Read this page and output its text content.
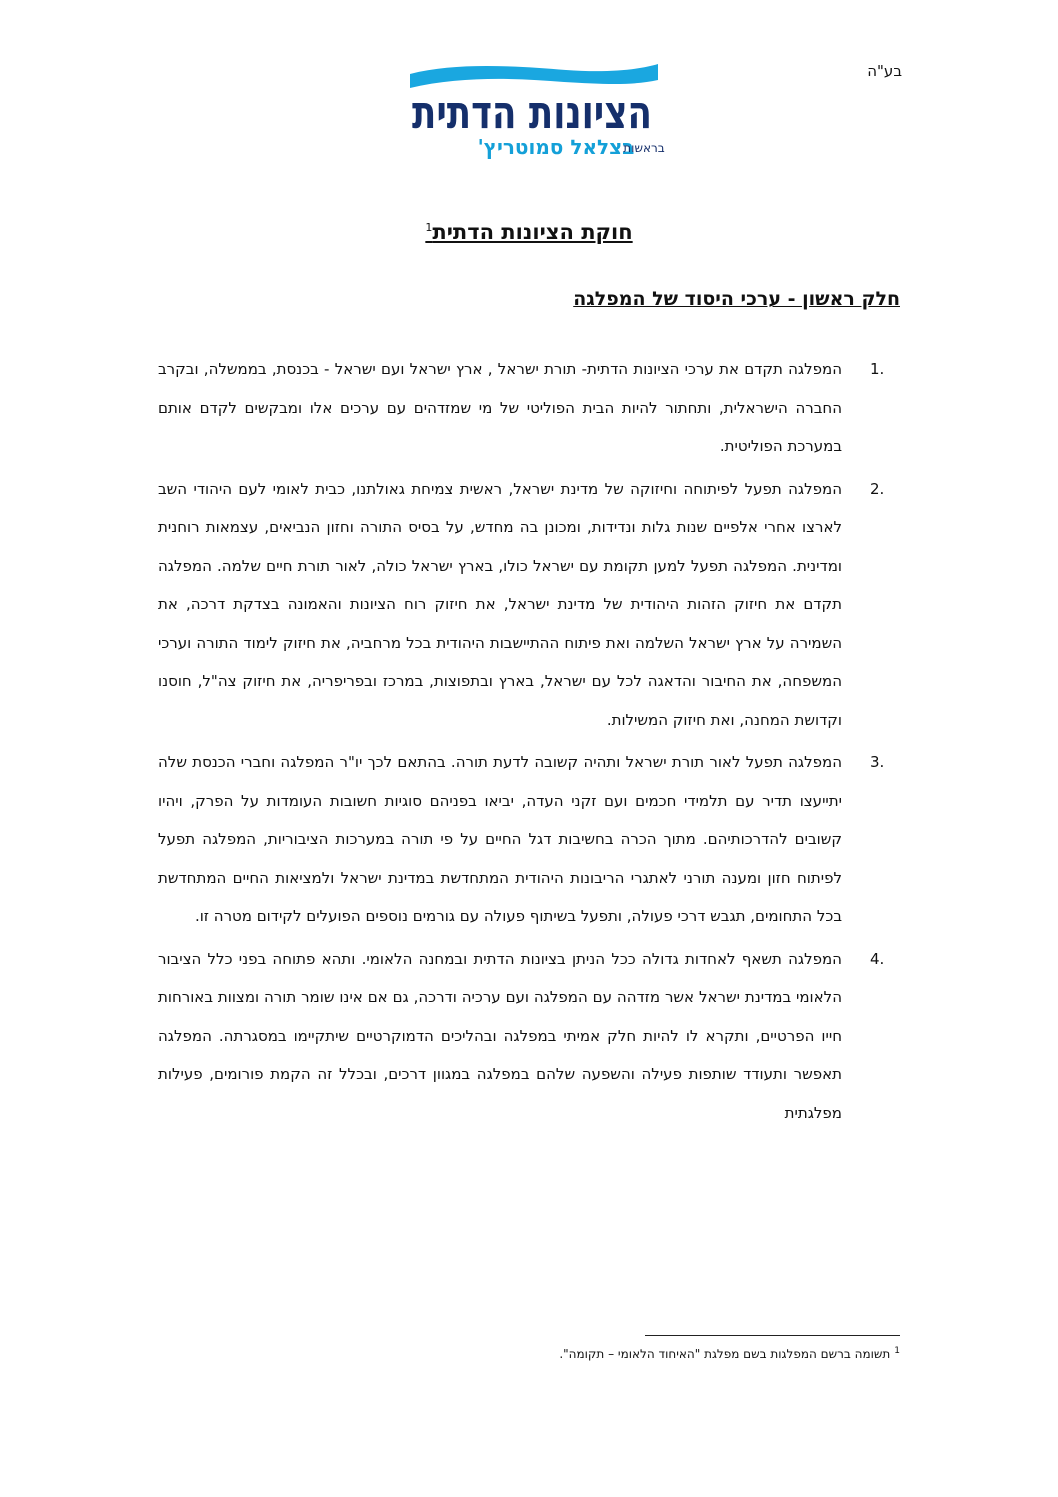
בע"ה
הציונות הדתית
בצלאל סמוטריץ'
בראשות
חוקת הציונות הדתית$^1$
חלק ראשון - ערכי היסוד של המפלגה
1.
המפלגה תקדם את ערכי הציונות הדתית- תורת ישראל , ארץ ישראל ועם ישראל - בכנסת, בממשלה, ובקרב החברה הישראלית, ותחתור להיות הבית הפוליטי של מי שמזדהים עם ערכים אלו ומבקשים לקדם אותם במערכת הפוליטית.
2.
המפלגה תפעל לפיתוחה וחיזוקה של מדינת ישראל, ראשית צמיחת גאולתנו, כבית לאומי לעם היהודי השב לארצו אחרי אלפיים שנות גלות ונדידות, ומכונן בה מחדש, על בסיס התורה וחזון הנביאים, עצמאות רוחנית ומדינית. המפלגה תפעל למען תקומת עם ישראל כולו, בארץ ישראל כולה, לאור תורת חיים שלמה. המפלגה תקדם את חיזוק הזהות היהודית של מדינת ישראל, את חיזוק רוח הציונות והאמונה בצדקת דרכה, את השמירה על ארץ ישראל השלמה ואת פיתוח ההתיישבות היהודית בכל מרחביה, את חיזוק לימוד התורה וערכי המשפחה, את החיבור והדאגה לכל עם ישראל, בארץ ובתפוצות, במרכז ובפריפריה, את חיזוק צה"ל, חוסנו וקדושת המחנה, ואת חיזוק המשילות.
3.
המפלגה תפעל לאור תורת ישראל ותהיה קשובה לדעת תורה. בהתאם לכך יו"ר המפלגה וחברי הכנסת שלה יתייעצו תדיר עם תלמידי חכמים ועם זקני העדה, יביאו בפניהם סוגיות חשובות העומדות על הפרק, ויהיו קשובים להדרכותיהם. מתוך הכרה בחשיבות דגל החיים על פי תורה במערכות הציבוריות, המפלגה תפעל לפיתוח חזון ומענה תורני לאתגרי הריבונות היהודית המתחדשת במדינת ישראל ולמציאות החיים המתחדשת בכל התחומים, תגבש דרכי פעולה, ותפעל בשיתוף פעולה עם גורמים נוספים הפועלים לקידום מטרה זו.
4.
המפלגה תשאף לאחדות גדולה ככל הניתן בציונות הדתית ובמחנה הלאומי. ותהא פתוחה בפני כלל הציבור הלאומי במדינת ישראל אשר מזדהה עם המפלגה ועם ערכיה ודרכה, גם אם אינו שומר תורה ומצוות באורחות חייו הפרטיים, ותקרא לו להיות חלק אמיתי במפלגה ובהליכים הדמוקרטיים שיתקיימו במסגרתה. המפלגה תאפשר ותעודד שותפות פעילה והשפעה שלהם במפלגה במגוון דרכים, ובכלל זה הקמת פורומים, פעילות מפלגתית
$^1$תשומה ברשם המפלגות בשם מפלגת "האיחוד הלאומי – תקומה".
